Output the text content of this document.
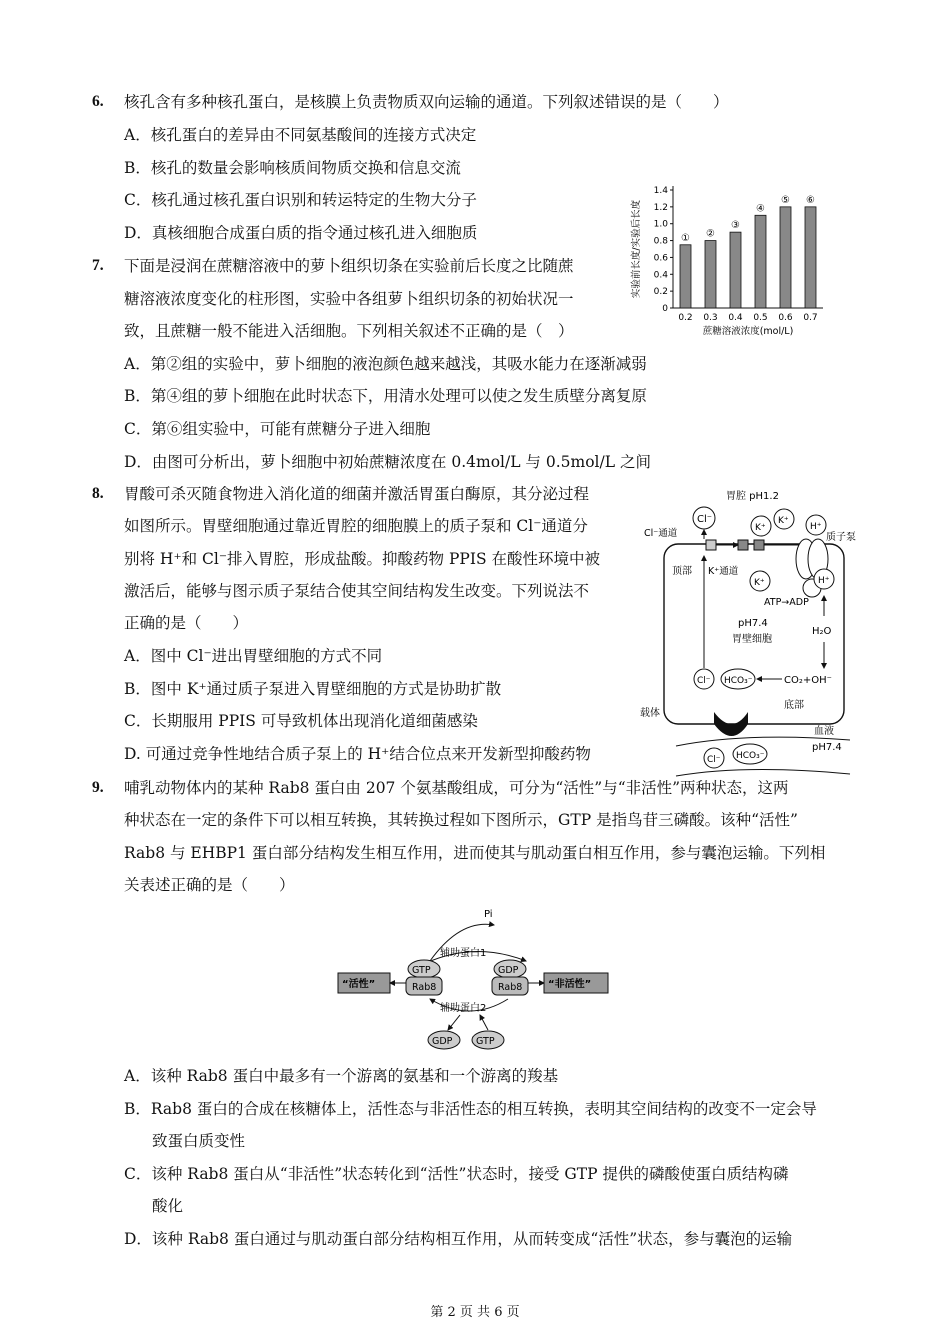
6. 核孔含有多种核孔蛋白，是核膜上负责物质双向运输的通道。下列叙述错误的是（　　）
A．核孔蛋白的差异由不同氨基酸间的连接方式决定
B．核孔的数量会影响核质间物质交换和信息交流
C．核孔通过核孔蛋白识别和转运特定的生物大分子
D．真核细胞合成蛋白质的指令通过核孔进入细胞质
7. 下面是浸润在蔗糖溶液中的萝卜组织切条在实验前后长度之比随蔗
糖溶液浓度变化的柱形图，实验中各组萝卜组织切条的初始状况一
致，且蔗糖一般不能进入活细胞。下列相关叙述不正确的是（　）
A．第②组的实验中，萝卜细胞的液泡颜色越来越浅，其吸水能力在逐渐减弱
B．第④组的萝卜细胞在此时状态下，用清水处理可以使之发生质壁分离复原
C．第⑥组实验中，可能有蔗糖分子进入细胞
D．由图可分析出，萝卜细胞中初始蔗糖浓度在 0.4mol/L 与 0.5mol/L 之间
0
0.2
0.4
0.6
0.8
1.0
1.2
1.4
①
0.2
②
0.3
③
0.4
④
0.5
⑤
0.6
⑥
0.7
蔗糖溶液浓度(mol/L)
实验前长度/实验后长度
8. 胃酸可杀灭随食物进入消化道的细菌并激活胃蛋白酶原，其分泌过程
如图所示。胃壁细胞通过靠近胃腔的细胞膜上的质子泵和 Cl⁻通道分
别将 H⁺和 Cl⁻排入胃腔，形成盐酸。抑酸药物 PPIS 在酸性环境中被
激活后，能够与图示质子泵结合使其空间结构发生改变。下列说法不
正确的是（　　）
A．图中 Cl⁻进出胃壁细胞的方式不同
B．图中 K⁺通过质子泵进入胃壁细胞的方式是协助扩散
C．长期服用 PPIS 可导致机体出现消化道细菌感染
D. 可通过竞争性地结合质子泵上的 H⁺结合位点来开发新型抑酸药物
胃腔 pH1.2
Cl⁻
K⁺
K⁺
H⁺
H⁺
K⁺
质子泵
Cl⁻通道
顶部 K⁺通道
ATP→ADP
pH7.4
胃壁细胞
H₂O
CO₂+OH⁻
HCO₃⁻
Cl⁻
底部
载体
血液
pH7.4
Cl⁻ HCO₃⁻
9. 哺乳动物体内的某种 Rab8 蛋白由 207 个氨基酸组成，可分为“活性”与“非活性”两种状态，这两
种状态在一定的条件下可以相互转换，其转换过程如下图所示，GTP 是指鸟苷三磷酸。该种“活性”
Rab8 与 EHBP1 蛋白部分结构发生相互作用，进而使其与肌动蛋白相互作用，参与囊泡运输。下列相
关表述正确的是（　　）
Pi
辅助蛋白1
“活性”
GTP
Rab8
GDP
Rab8	“非活性”
辅助蛋白2
GDP GTP
A．该种 Rab8 蛋白中最多有一个游离的氨基和一个游离的羧基
B．Rab8 蛋白的合成在核糖体上，活性态与非活性态的相互转换，表明其空间结构的改变不一定会导
致蛋白质变性
C．该种 Rab8 蛋白从“非活性”状态转化到“活性”状态时，接受 GTP 提供的磷酸使蛋白质结构磷
酸化
D．该种 Rab8 蛋白通过与肌动蛋白部分结构相互作用，从而转变成“活性”状态，参与囊泡的运输
第 2 页 共 6 页
